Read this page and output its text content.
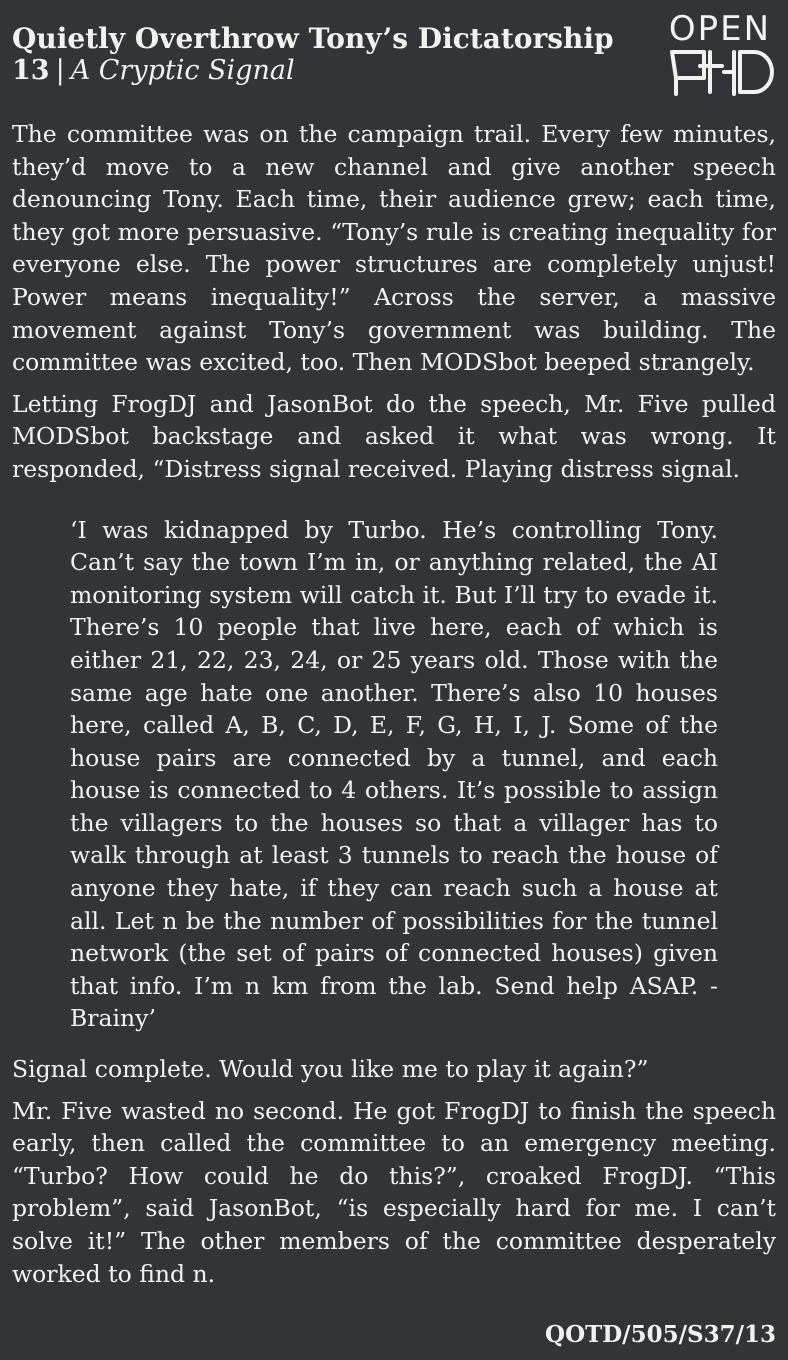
Quietly Overthrow Tony’s Dictatorship
13 | A Cryptic Signal
OPEN

The committee was on the campaign trail. Every few minutes, they’d move to a new channel and give another speech denouncing Tony. Each time, their audience grew; each time, they got more persuasive. “Tony’s rule is creating inequality for everyone else. The power structures are completely unjust! Power means inequality!” Across the server, a massive movement against Tony’s government was building. The committee was excited, too. Then MODSbot beeped strangely.

Letting FrogDJ and JasonBot do the speech, Mr. Five pulled MODSbot backstage and asked it what was wrong. It responded, “Distress signal received. Playing distress signal.

‘I was kidnapped by Turbo. He’s controlling Tony. Can’t say the town I’m in, or anything related, the AI monitoring system will catch it. But I’ll try to evade it. There’s 10 people that live here, each of which is either 21, 22, 23, 24, or 25 years old. Those with the same age hate one another. There’s also 10 houses here, called A, B, C, D, E, F, G, H, I, J. Some of the house pairs are connected by a tunnel, and each house is connected to 4 others. It’s possible to assign the villagers to the houses so that a villager has to walk through at least 3 tunnels to reach the house of anyone they hate, if they can reach such a house at all. Let n be the number of possibilities for the tunnel network (the set of pairs of connected houses) given that info. I’m n km from the lab. Send help ASAP. -Brainy’

Signal complete. Would you like me to play it again?”

Mr. Five wasted no second. He got FrogDJ to finish the speech early, then called the committee to an emergency meeting. “Turbo? How could he do this?”, croaked FrogDJ. “This problem”, said JasonBot, “is especially hard for me. I can’t solve it!” The other members of the committee desperately worked to find n.

QOTD/505/S37/13
